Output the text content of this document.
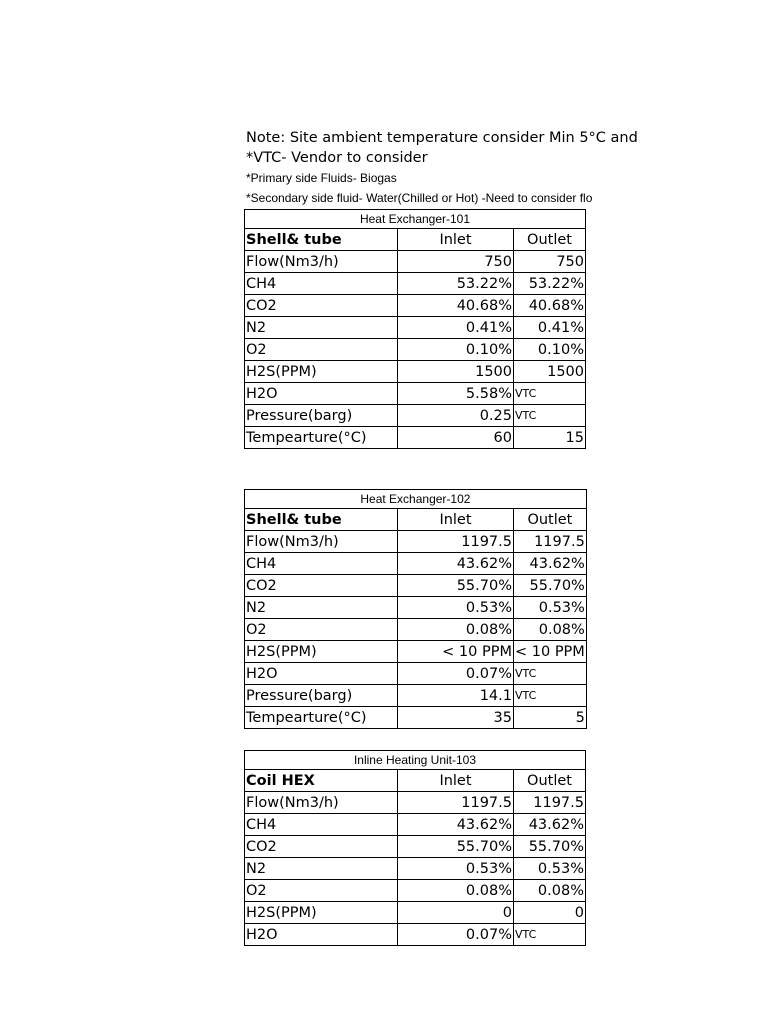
Note: Site ambient temperature consider Min 5°C and
*VTC- Vendor to consider
*Primary side Fluids- Biogas
*Secondary side fluid- Water(Chilled or Hot) -Need to consider flo
Heat Exchanger-101		
Shell& tube	Inlet	Outlet
Flow(Nm3/h)	750	750
CH4	53.22%	53.22%
CO2	40.68%	40.68%
N2	0.41%	0.41%
O2	0.10%	0.10%
H2S(PPM)	1500	1500
H2O	5.58%	VTC
Pressure(barg)	0.25	VTC
Tempearture(°C)	60	15
Heat Exchanger-102		
Shell& tube	Inlet	Outlet
Flow(Nm3/h)	1197.5	1197.5
CH4	43.62%	43.62%
CO2	55.70%	55.70%
N2	0.53%	0.53%
O2	0.08%	0.08%
H2S(PPM)	< 10 PPM	< 10 PPM
H2O	0.07%	VTC
Pressure(barg)	14.1	VTC
Tempearture(°C)	35	5
Inline Heating Unit-103		
Coil HEX	Inlet	Outlet
Flow(Nm3/h)	1197.5	1197.5
CH4	43.62%	43.62%
CO2	55.70%	55.70%
N2	0.53%	0.53%
O2	0.08%	0.08%
H2S(PPM)	0	0
H2O	0.07%	VTC
